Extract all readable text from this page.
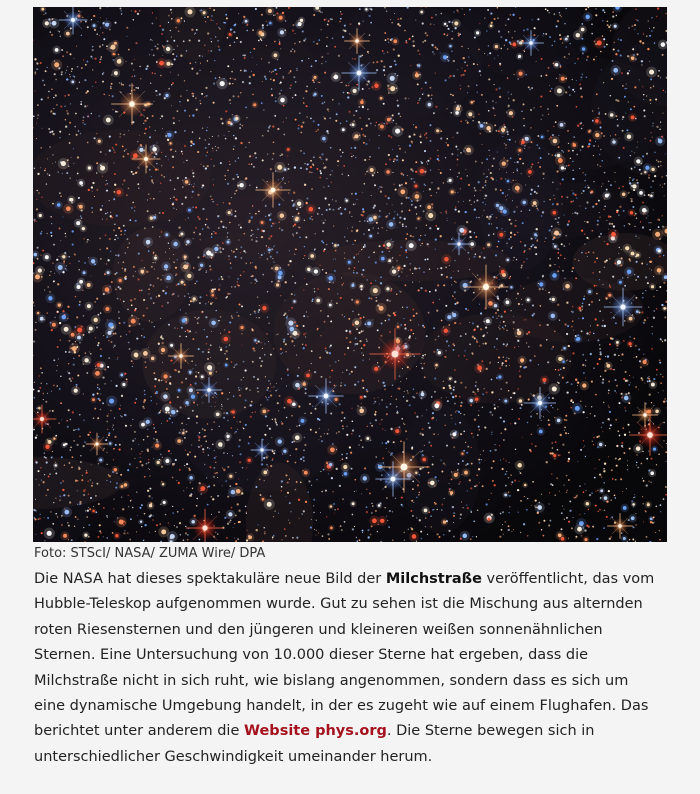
Foto: STScI/ NASA/ ZUMA Wire/ DPA

Die NASA hat dieses spektakuläre neue Bild der Milchstraße veröffentlicht, das vom
Hubble-Teleskop aufgenommen wurde. Gut zu sehen ist die Mischung aus alternden
roten Riesensternen und den jüngeren und kleineren weißen sonnenähnlichen
Sternen. Eine Untersuchung von 10.000 dieser Sterne hat ergeben, dass die
Milchstraße nicht in sich ruht, wie bislang angenommen, sondern dass es sich um
eine dynamische Umgebung handelt, in der es zugeht wie auf einem Flughafen. Das
berichtet unter anderem die Website phys.org. Die Sterne bewegen sich in
unterschiedlicher Geschwindigkeit umeinander herum.
